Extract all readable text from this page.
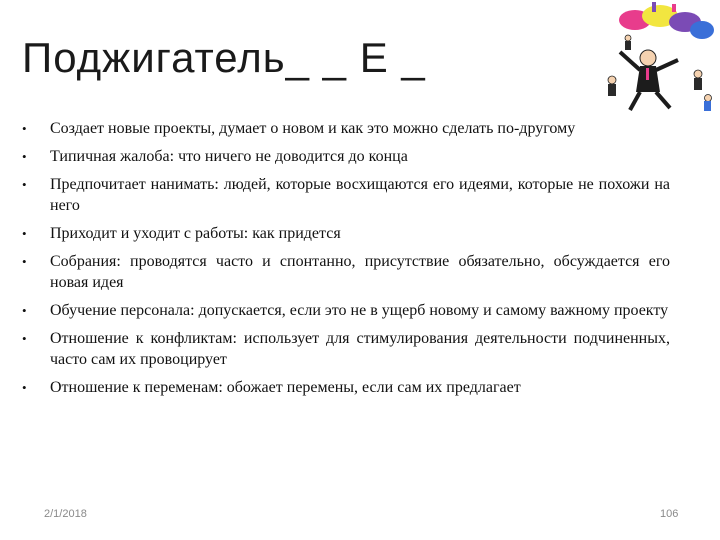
Поджигатель_ _ Е _
• Создает новые проекты, думает о новом и как это можно сделать по-другому
• Типичная жалоба: что ничего не доводится до конца
• Предпочитает нанимать: людей, которые восхищаются его идеями, которые не похожи на него
• Приходит и уходит с работы: как придется
• Собрания: проводятся часто и спонтанно, присутствие обязательно, обсуждается его новая идея
• Обучение персонала: допускается, если это не в ущерб новому и самому важному проекту
• Отношение к конфликтам: использует для стимулирования деятельности подчиненных, часто сам их провоцирует
• Отношение к переменам: обожает перемены, если сам их предлагает
2/1/2018	106
